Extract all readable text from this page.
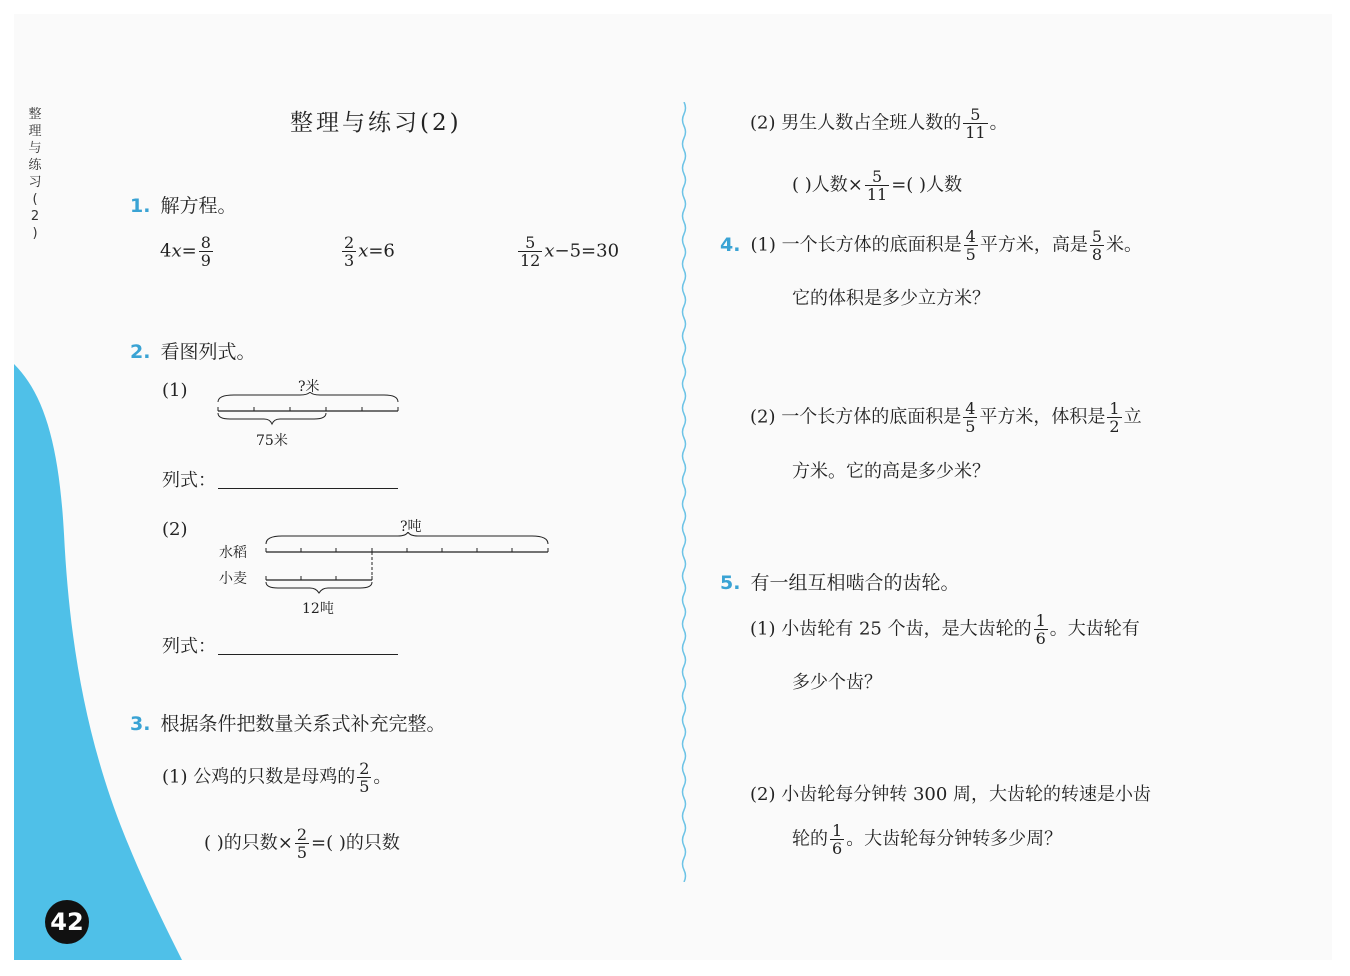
整
理
与
练
习
(
2
)
42
整理与练习(2)
1. 解方程。
$4x= \frac{8}{9}$	$\frac{2}{3} x=6$	$\frac{5}{12} x-5=30$
2. 看图列式。
(1)	?米
75米
列式：
(2)	?吨
水稻
小麦
12吨
列式：
3. 根据条件把数量关系式补充完整。
(1) 公鸡的只数是母鸡的 $\frac{2}{5}$ 。
( )的只数× $\frac{2}{5}$ =( )的只数
(2) 男生人数占全班人数的 $\frac{5}{11}$ 。
( )人数× $\frac{5}{11}$ =( )人数
4. (1) 一个长方体的底面积是 $\frac{4}{5}$ 平方米，高是 $\frac{5}{8}$ 米。
它的体积是多少立方米？
(2) 一个长方体的底面积是 $\frac{4}{5}$ 平方米，体积是 $\frac{1}{2}$ 立
方米。它的高是多少米？
5. 有一组互相啮合的齿轮。
(1) 小齿轮有 25 个齿，是大齿轮的 $\frac{1}{6}$ 。大齿轮有
多少个齿？
(2) 小齿轮每分钟转 300 周，大齿轮的转速是小齿
轮的 $\frac{1}{6}$ 。大齿轮每分钟转多少周？
